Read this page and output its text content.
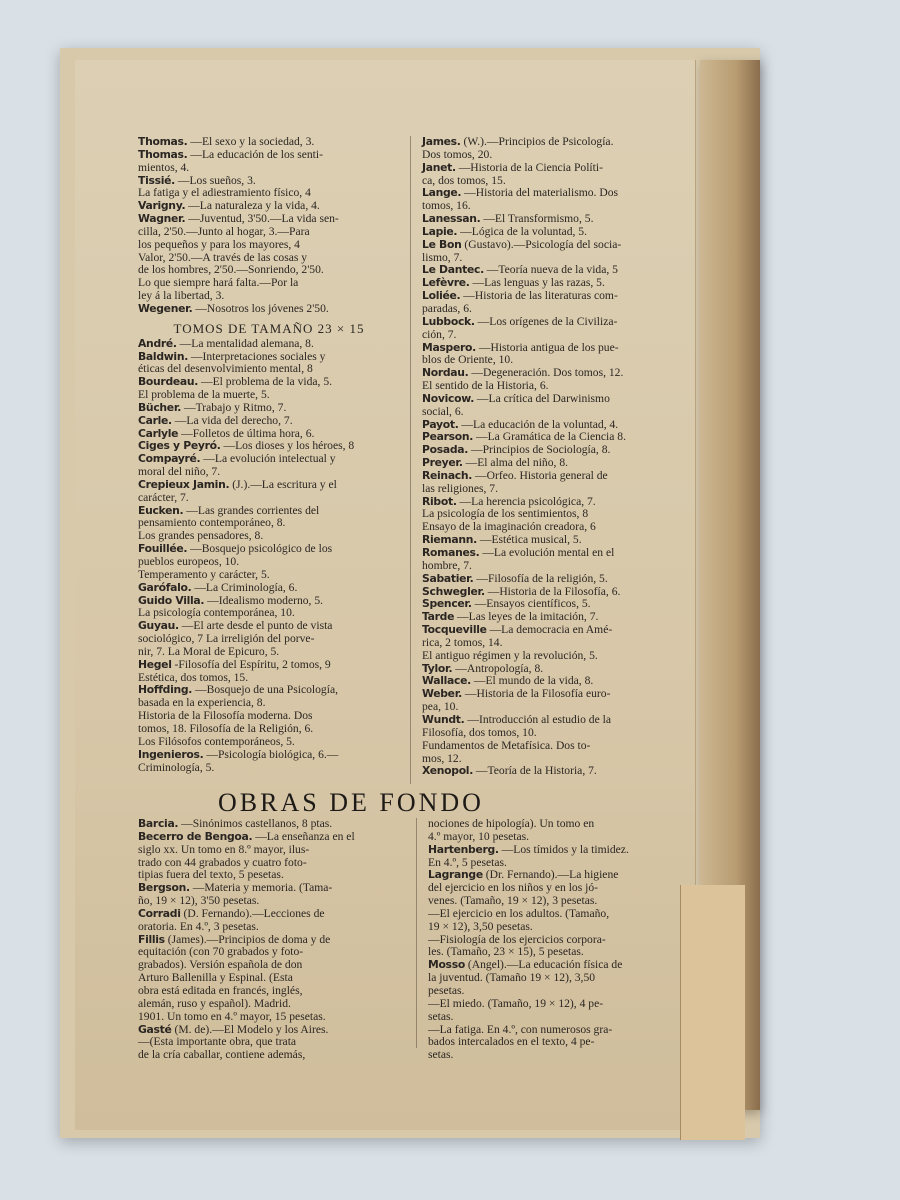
Thomas. —El sexo y la sociedad, 3.
Thomas. —La educación de los senti-
mientos, 4.
Tissié. —Los sueños, 3.
La fatiga y el adiestramiento físico, 4
Varigny. —La naturaleza y la vida, 4.
Wagner. —Juventud, 3'50.—La vida sen-
cilla, 2'50.—Junto al hogar, 3.—Para
los pequeños y para los mayores, 4
Valor, 2'50.—A través de las cosas y
de los hombres, 2'50.—Sonriendo, 2'50.
Lo que siempre hará falta.—Por la
ley á la libertad, 3.
Wegener. —Nosotros los jóvenes 2'50.
TOMOS DE TAMAÑO 23 × 15
André. —La mentalidad alemana, 8.
Baldwin. —Interpretaciones sociales y
éticas del desenvolvimiento mental, 8
Bourdeau. —El problema de la vida, 5.
El problema de la muerte, 5.
Bücher. —Trabajo y Ritmo, 7.
Carle. —La vida del derecho, 7.
Carlyle —Folletos de última hora, 6.
Ciges y Peyró. —Los dioses y los héroes, 8
Compayré. —La evolución intelectual y
moral del niño, 7.
Crepieux Jamin. (J.).—La escritura y el
carácter, 7.
Eucken. —Las grandes corrientes del
pensamiento contemporáneo, 8.
Los grandes pensadores, 8.
Fouillée. —Bosquejo psicológico de los
pueblos europeos, 10.
Temperamento y carácter, 5.
Garófalo. —La Criminología, 6.
Guido Villa. —Idealismo moderno, 5.
La psicología contemporánea, 10.
Guyau. —El arte desde el punto de vista
sociológico, 7 La irreligión del porve-
nir, 7. La Moral de Epicuro, 5.
Hegel -Filosofía del Espíritu, 2 tomos, 9
Estética, dos tomos, 15.
Hoffding. —Bosquejo de una Psicología,
basada en la experiencia, 8.
Historia de la Filosofía moderna. Dos
tomos, 18. Filosofía de la Religión, 6.
Los Filósofos contemporáneos, 5.
Ingenieros. —Psicología biológica, 6.—
Criminología, 5.
James. (W.).—Principios de Psicología.
Dos tomos, 20.
Janet. —Historia de la Ciencia Políti-
ca, dos tomos, 15.
Lange. —Historia del materialismo. Dos
tomos, 16.
Lanessan. —El Transformismo, 5.
Lapie. —Lógica de la voluntad, 5.
Le Bon (Gustavo).—Psicología del socia-
lismo, 7.
Le Dantec. —Teoría nueva de la vida, 5
Lefèvre. —Las lenguas y las razas, 5.
Loliée. —Historia de las literaturas com-
paradas, 6.
Lubbock. —Los orígenes de la Civiliza-
ción, 7.
Maspero. —Historia antigua de los pue-
blos de Oriente, 10.
Nordau. —Degeneración. Dos tomos, 12.
El sentido de la Historia, 6.
Novicow. —La crítica del Darwinismo
social, 6.
Payot. —La educación de la voluntad, 4.
Pearson. —La Gramática de la Ciencia 8.
Posada. —Principios de Sociología, 8.
Preyer. —El alma del niño, 8.
Reinach. —Orfeo. Historia general de
las religiones, 7.
Ribot. —La herencia psicológica, 7.
La psicología de los sentimientos, 8
Ensayo de la imaginación creadora, 6
Riemann. —Estética musical, 5.
Romanes. —La evolución mental en el
hombre, 7.
Sabatier. —Filosofía de la religión, 5.
Schwegler. —Historia de la Filosofía, 6.
Spencer. —Ensayos científicos, 5.
Tarde —Las leyes de la imitación, 7.
Tocqueville —La democracia en Amé-
rica, 2 tomos, 14.
El antiguo régimen y la revolución, 5.
Tylor. —Antropología, 8.
Wallace. —El mundo de la vida, 8.
Weber. —Historia de la Filosofía euro-
pea, 10.
Wundt. —Introducción al estudio de la
Filosofía, dos tomos, 10.
Fundamentos de Metafísica. Dos to-
mos, 12.
Xenopol. —Teoría de la Historia, 7.
OBRAS DE FONDO
Barcia. —Sinónimos castellanos, 8 ptas.
Becerro de Bengoa. —La enseñanza en el
siglo xx. Un tomo en 8.º mayor, ilus-
trado con 44 grabados y cuatro foto-
tipias fuera del texto, 5 pesetas.
Bergson. —Materia y memoria. (Tama-
ño, 19 × 12), 3'50 pesetas.
Corradi (D. Fernando).—Lecciones de
oratoria. En 4.º, 3 pesetas.
Fillis (James).—Principios de doma y de
equitación (con 70 grabados y foto-
grabados). Versión española de don
Arturo Ballenilla y Espinal. (Esta
obra está editada en francés, inglés,
alemán, ruso y español). Madrid.
1901. Un tomo en 4.º mayor, 15 pesetas.
Gasté (M. de).—El Modelo y los Aires.
—(Esta importante obra, que trata
de la cría caballar, contiene además,
nociones de hipología). Un tomo en
4.º mayor, 10 pesetas.
Hartenberg. —Los tímidos y la timidez.
En 4.º, 5 pesetas.
Lagrange (Dr. Fernando).—La higiene
del ejercicio en los niños y en los jó-
venes. (Tamaño, 19 × 12), 3 pesetas.
—El ejercicio en los adultos. (Tamaño,
19 × 12), 3,50 pesetas.
—Fisiología de los ejercicios corpora-
les. (Tamaño, 23 × 15), 5 pesetas.
Mosso (Angel).—La educación física de
la juventud. (Tamaño 19 × 12), 3,50
pesetas.
—El miedo. (Tamaño, 19 × 12), 4 pe-
setas.
—La fatiga. En 4.º, con numerosos gra-
bados intercalados en el texto, 4 pe-
setas.
